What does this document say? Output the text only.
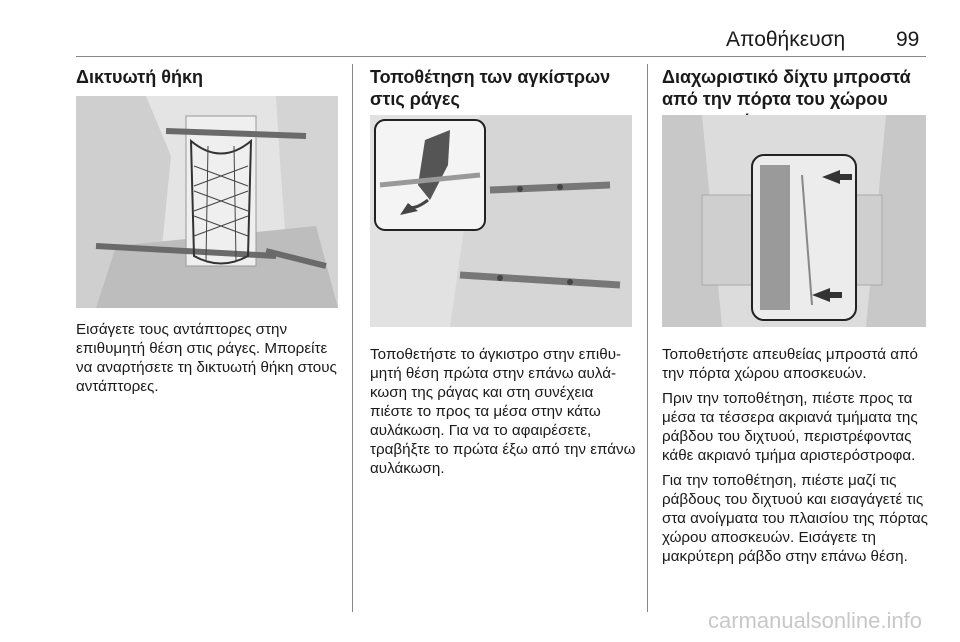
Αποθήκευση 99
Δικτυωτή θήκη

Εισάγετε τους αντάπτορες στην επιθυμητή θέση στις ράγες. Μπορείτε να αναρτήσετε τη δικτυωτή θήκη στους αντάπτορες.

Τοποθέτηση των αγκίστρων στις ράγες

Τοποθετήστε το άγκιστρο στην επιθυ-μητή θέση πρώτα στην επάνω αυλά-κωση της ράγας και στη συνέχεια πιέστε το προς τα μέσα στην κάτω αυλάκωση. Για να το αφαιρέσετε, τραβήξτε το πρώτα έξω από την επάνω αυλάκωση.

Διαχωριστικό δίχτυ μπροστά από την πόρτα του χώρου

Τοποθετήστε απευθείας μπροστά από την πόρτα χώρου αποσκευών.

Πριν την τοποθέτηση, πιέστε προς τα μέσα τα τέσσερα ακριανά τμήματα της ράβδου του διχτυού, περιστρέφοντας κάθε ακριανό τμήμα αριστερόστροφα.

Για την τοποθέτηση, πιέστε μαζί τις ράβδους του διχτυού και εισαγάγετέ τις στα ανοίγματα του πλαισίου της πόρτας χώρου αποσκευών. Εισάγετε τη μακρύτερη ράβδο στην επάνω θέση.

carmanualsonline.info
